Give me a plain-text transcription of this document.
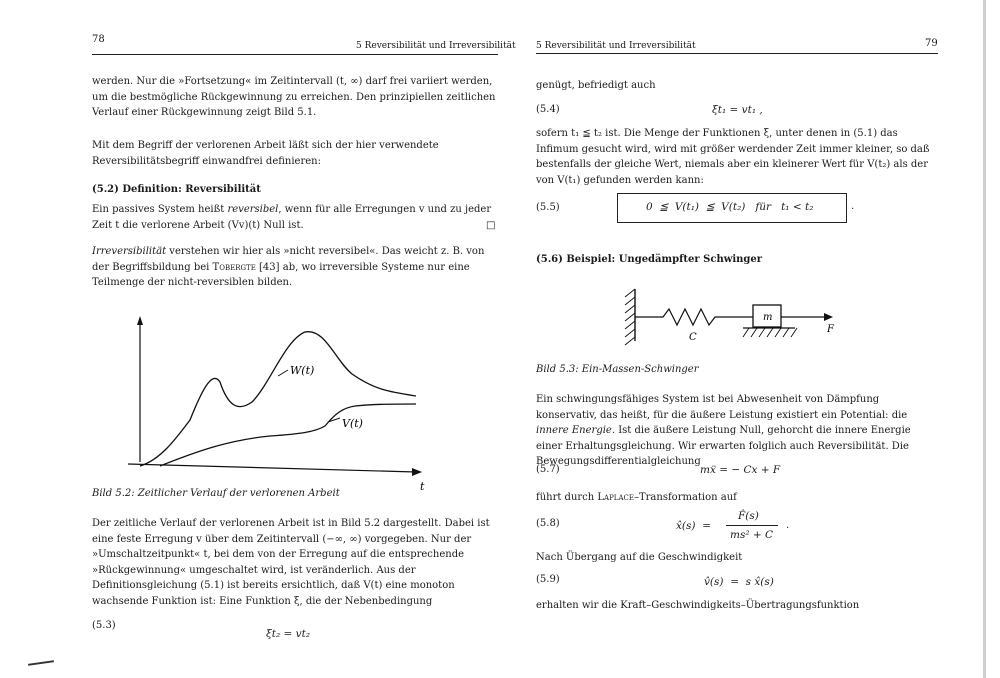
78
5 Reversibilität und Irreversibilität
werden. Nur die »Fortsetzung« im Zeitintervall (t, ∞) darf frei variiert werden, um die bestmögliche Rückgewinnung zu erreichen. Den prinzipiellen zeitlichen Verlauf einer Rückgewinnung zeigt Bild 5.1.
Mit dem Begriff der verlorenen Arbeit läßt sich der hier verwendete Reversibilitätsbegriff einwandfrei definieren:
(5.2) Definition: Reversibilität
Ein passives System heißt reversibel, wenn für alle Erregungen v und zu jeder Zeit t die verlorene Arbeit (Vv)(t) Null ist.	□
Irreversibilität verstehen wir hier als »nicht reversibel«. Das weicht z. B. von der Begriffsbildung bei Tobergte [43] ab, wo irreversible Systeme nur eine Teilmenge der nicht-reversiblen bilden.
W(t)
V(t)
t
Bild 5.2: Zeitlicher Verlauf der verlorenen Arbeit
Der zeitliche Verlauf der verlorenen Arbeit ist in Bild 5.2 dargestellt. Dabei ist eine feste Erregung v über dem Zeitintervall (−∞, ∞) vorgegeben. Nur der »Umschaltzeitpunkt« t, bei dem von der Erregung auf die entsprechende »Rückgewinnung« umgeschaltet wird, ist veränderlich. Aus der Definitionsgleichung (5.1) ist bereits ersichtlich, daß V(t) eine monoton wachsende Funktion ist: Eine Funktion ξ, die der Nebenbedingung
(5.3)
ξt₂ = vt₂
5 Reversibilität und Irreversibilität	79
genügt, befriedigt auch
(5.4)	ξt₁ = vt₁ ,
sofern t₁ ≦ t₂ ist. Die Menge der Funktionen ξ, unter denen in (5.1) das Infimum gesucht wird, wird mit größer werdender Zeit immer kleiner, so daß bestenfalls der gleiche Wert, niemals aber ein kleinerer Wert für V(t₂) als der von V(t₁) gefunden werden kann:
(5.5)	0  ≦  V(t₁)  ≦  V(t₂)   für   t₁ < t₂	.
(5.6) Beispiel: Ungedämpfter Schwinger
m
C
F
Bild 5.3: Ein-Massen-Schwinger
Ein schwingungsfähiges System ist bei Abwesenheit von Dämpfung konservativ, das heißt, für die äußere Leistung existiert ein Potential: die innere Energie. Ist die äußere Leistung Null, gehorcht die innere Energie einer Erhaltungsgleichung. Wir erwarten folglich auch Reversibilität. Die Bewegungsdifferentialgleichung
(5.7)	mẍ = − Cx + F
führt durch Laplace–Transformation auf
(5.8)	x̂(s)  =
F̂(s)
ms² + C
.
Nach Übergang auf die Geschwindigkeit
(5.9)	v̂(s)  =  s x̂(s)
erhalten wir die Kraft–Geschwindigkeits–Übertragungsfunktion
